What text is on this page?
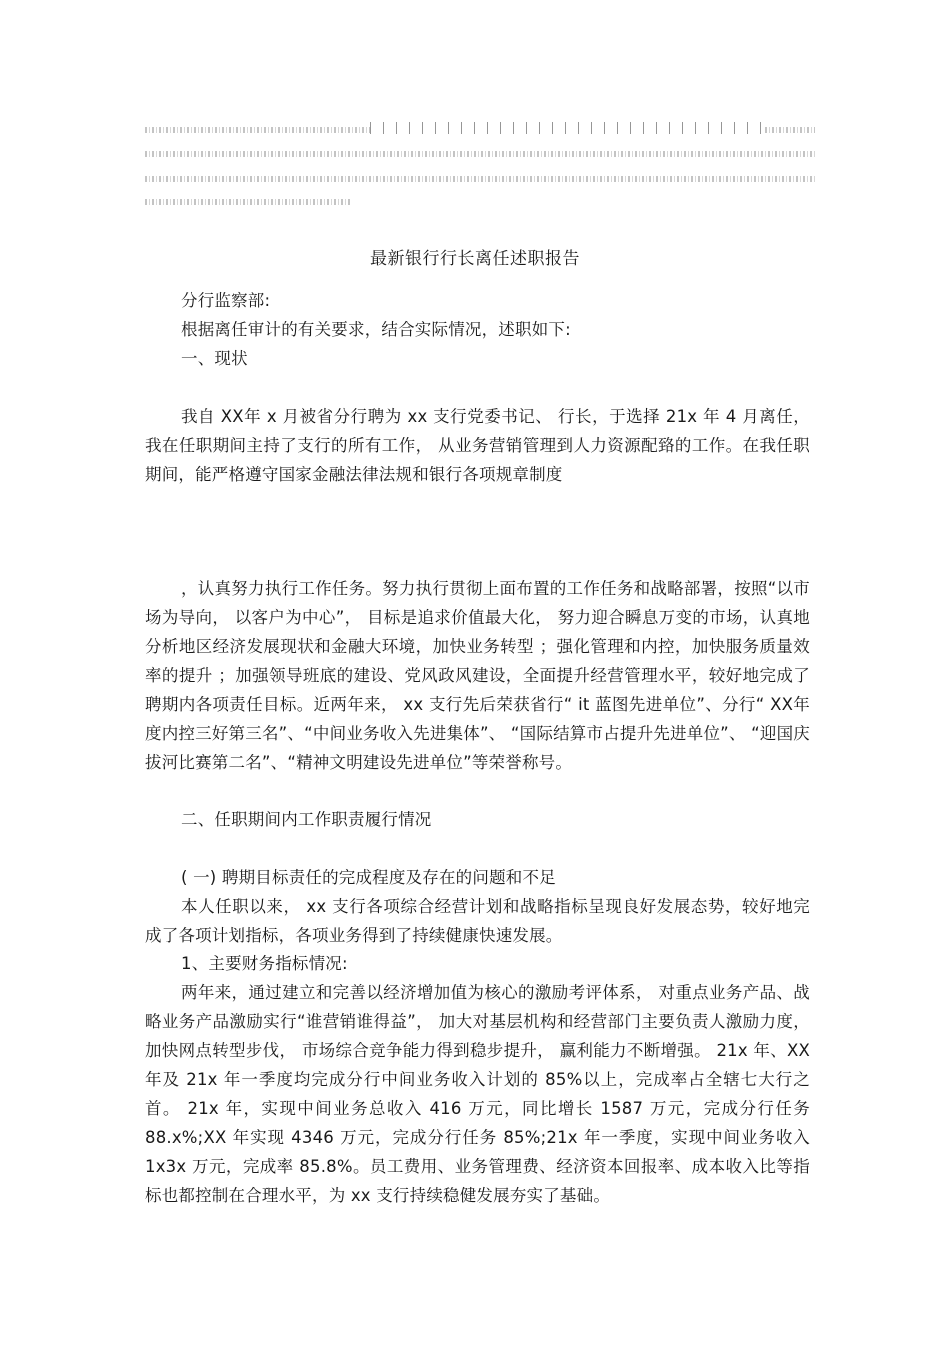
最新银行行长离任述职报告
分行监察部:
根据离任审计的有关要求，结合实际情况，述职如下:
一、现状
我自 XX年 x 月被省分行聘为 xx 支行党委书记、 行长，于选择 21x 年 4 月离任，我在任职期间主持了支行的所有工作， 从业务营销管理到人力资源配臵的工作。在我任职期间，能严格遵守国家金融法律法规和银行各项规章制度
，认真努力执行工作任务。努力执行贯彻上面布置的工作任务和战略部署，按照“以市场为导向， 以客户为中心”， 目标是追求价值最大化， 努力迎合瞬息万变的市场，认真地分析地区经济发展现状和金融大环境，加快业务转型 ；强化管理和内控，加快服务质量效率的提升 ；加强领导班底的建设、党风政风建设，全面提升经营管理水平，较好地完成了聘期内各项责任目标。近两年来， xx 支行先后荣获省行“ it 蓝图先进单位”、分行“ XX年度内控三好第三名”、“中间业务收入先进集体”、 “国际结算市占提升先进单位”、 “迎国庆拔河比赛第二名”、“精神文明建设先进单位”等荣誉称号。
二、任职期间内工作职责履行情况
( 一) 聘期目标责任的完成程度及存在的问题和不足
本人任职以来， xx 支行各项综合经营计划和战略指标呈现良好发展态势，较好地完成了各项计划指标，各项业务得到了持续健康快速发展。
1、主要财务指标情况:
两年来，通过建立和完善以经济增加值为核心的激励考评体系， 对重点业务产品、战略业务产品激励实行“谁营销谁得益”， 加大对基层机构和经营部门主要负责人激励力度， 加快网点转型步伐， 市场综合竞争能力得到稳步提升， 赢利能力不断增强。 21x 年、XX年及 21x 年一季度均完成分行中间业务收入计划的 85%以上，完成率占全辖七大行之首。 21x 年，实现中间业务总收入 416 万元，同比增长 1587 万元，完成分行任务 88.x%;XX 年实现 4346 万元，完成分行任务 85%;21x 年一季度，实现中间业务收入 1x3x 万元，完成率 85.8%。员工费用、业务管理费、经济资本回报率、成本收入比等指标也都控制在合理水平，为 xx 支行持续稳健发展夯实了基础。
